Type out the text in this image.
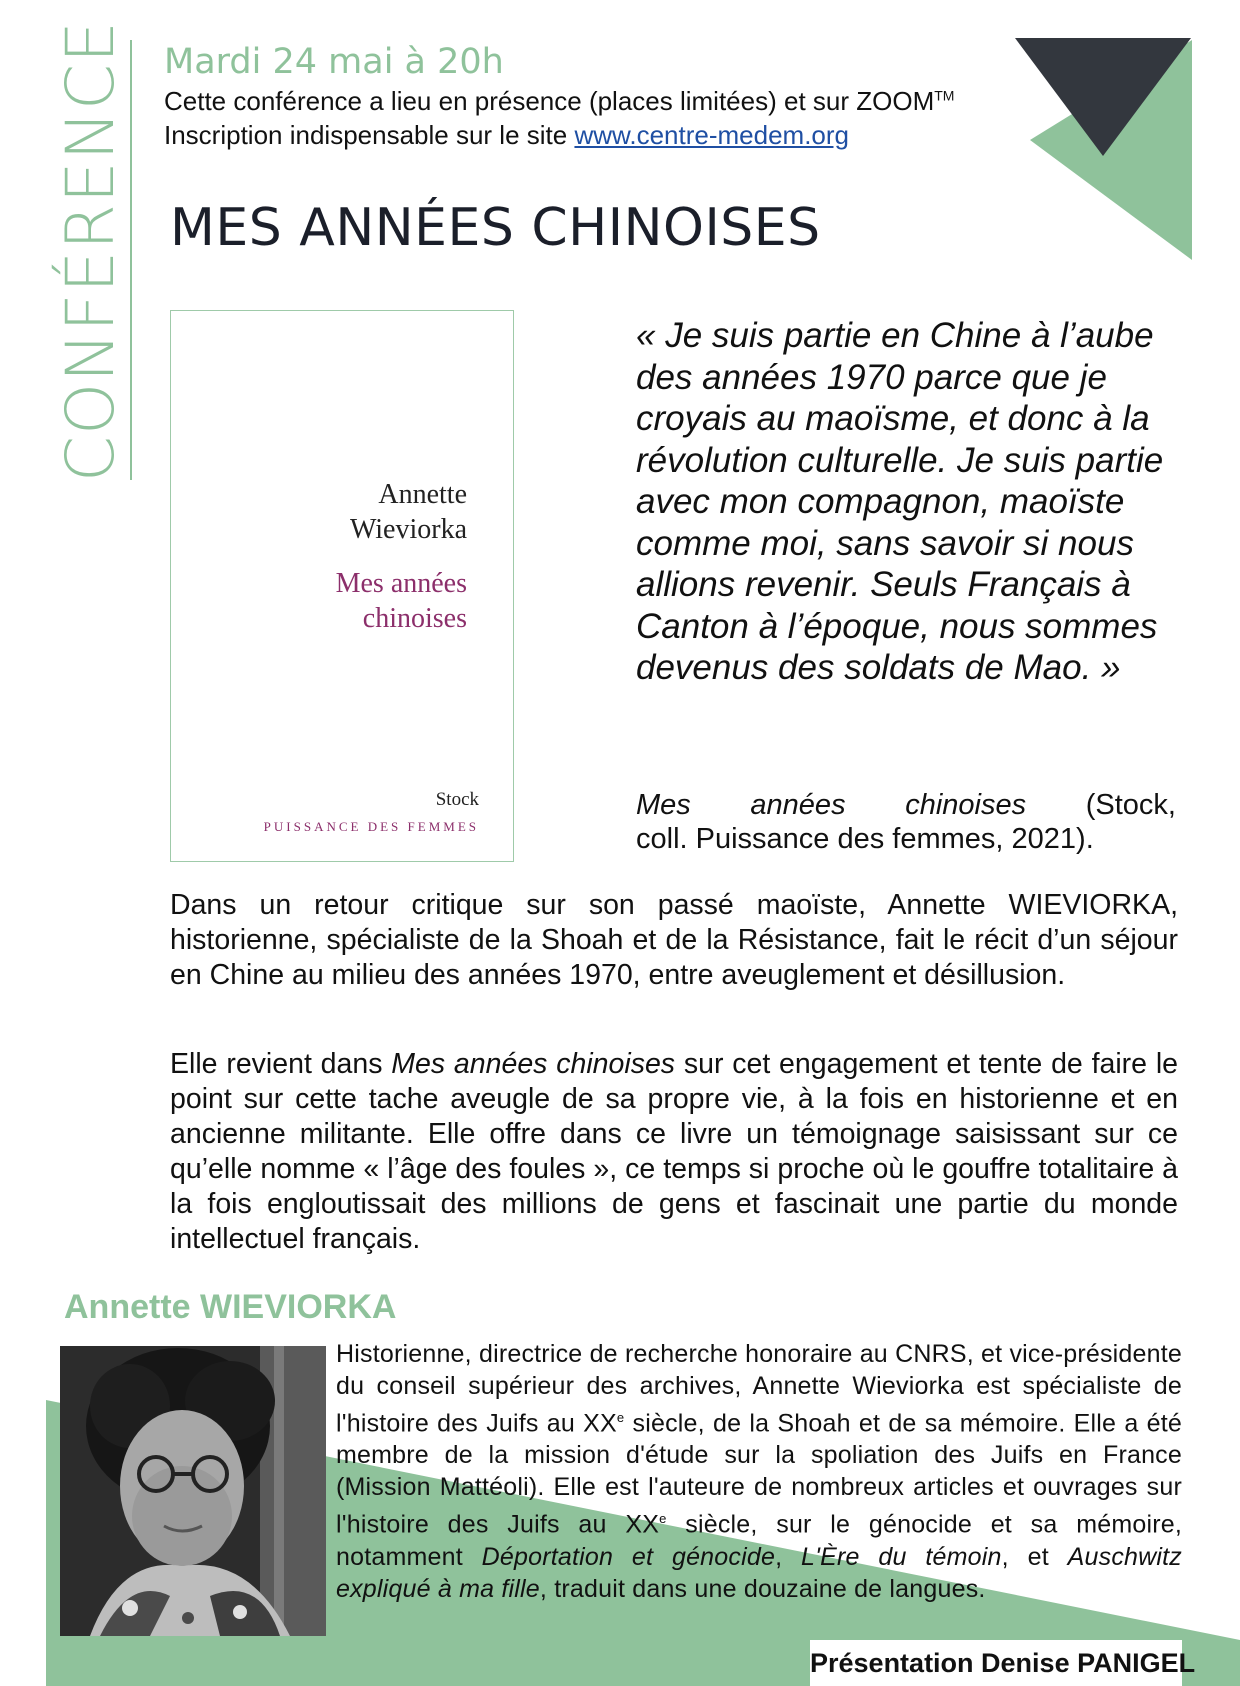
CONFÉRENCE Mardi 24 mai à 20h
Cette conférence a lieu en présence (places limitées) et sur ZOOM™
Inscription indispensable sur le site www.centre-medem.org
MES ANNÉES CHINOISES
Annette
Wieviorka
Mes années
chinoises
Stock
PUISSANCE DES FEMMES
« Je suis partie en Chine à l’aube des années 1970 parce que je croyais au maoïsme, et donc à la révolution culturelle. Je suis partie avec mon compagnon, maoïste comme moi, sans savoir si nous allions revenir. Seuls Français à Canton à l’époque, nous sommes devenus des soldats de Mao. »
Mes années chinoises (Stock,
coll. Puissance des femmes, 2021).
Dans un retour critique sur son passé maoïste, Annette WIEVIORKA, historienne, spécialiste de la Shoah et de la Résistance, fait le récit d’un séjour en Chine au milieu des années 1970, entre aveuglement et désillusion.
Elle revient dans Mes années chinoises sur cet engagement et tente de faire le point sur cette tache aveugle de sa propre vie, à la fois en historienne et en ancienne militante. Elle offre dans ce livre un témoignage saisissant sur ce qu’elle nomme « l’âge des foules », ce temps si proche où le gouffre totalitaire à la fois engloutissait des millions de gens et fascinait une partie du monde intellectuel français.
Annette WIEVIORKA
Historienne, directrice de recherche honoraire au CNRS, et vice-présidente du conseil supérieur des archives, Annette Wieviorka est spécialiste de l'histoire des Juifs au XXe siècle, de la Shoah et de sa mémoire. Elle a été membre de la mission d'étude sur la spoliation des Juifs en France (Mission Mattéoli). Elle est l'auteure de nombreux articles et ouvrages sur l'histoire des Juifs au XXe siècle, sur le génocide et sa mémoire, notamment Déportation et génocide, L'Ère du témoin, et Auschwitz expliqué à ma fille, traduit dans une douzaine de langues.
Présentation Denise PANIGEL
